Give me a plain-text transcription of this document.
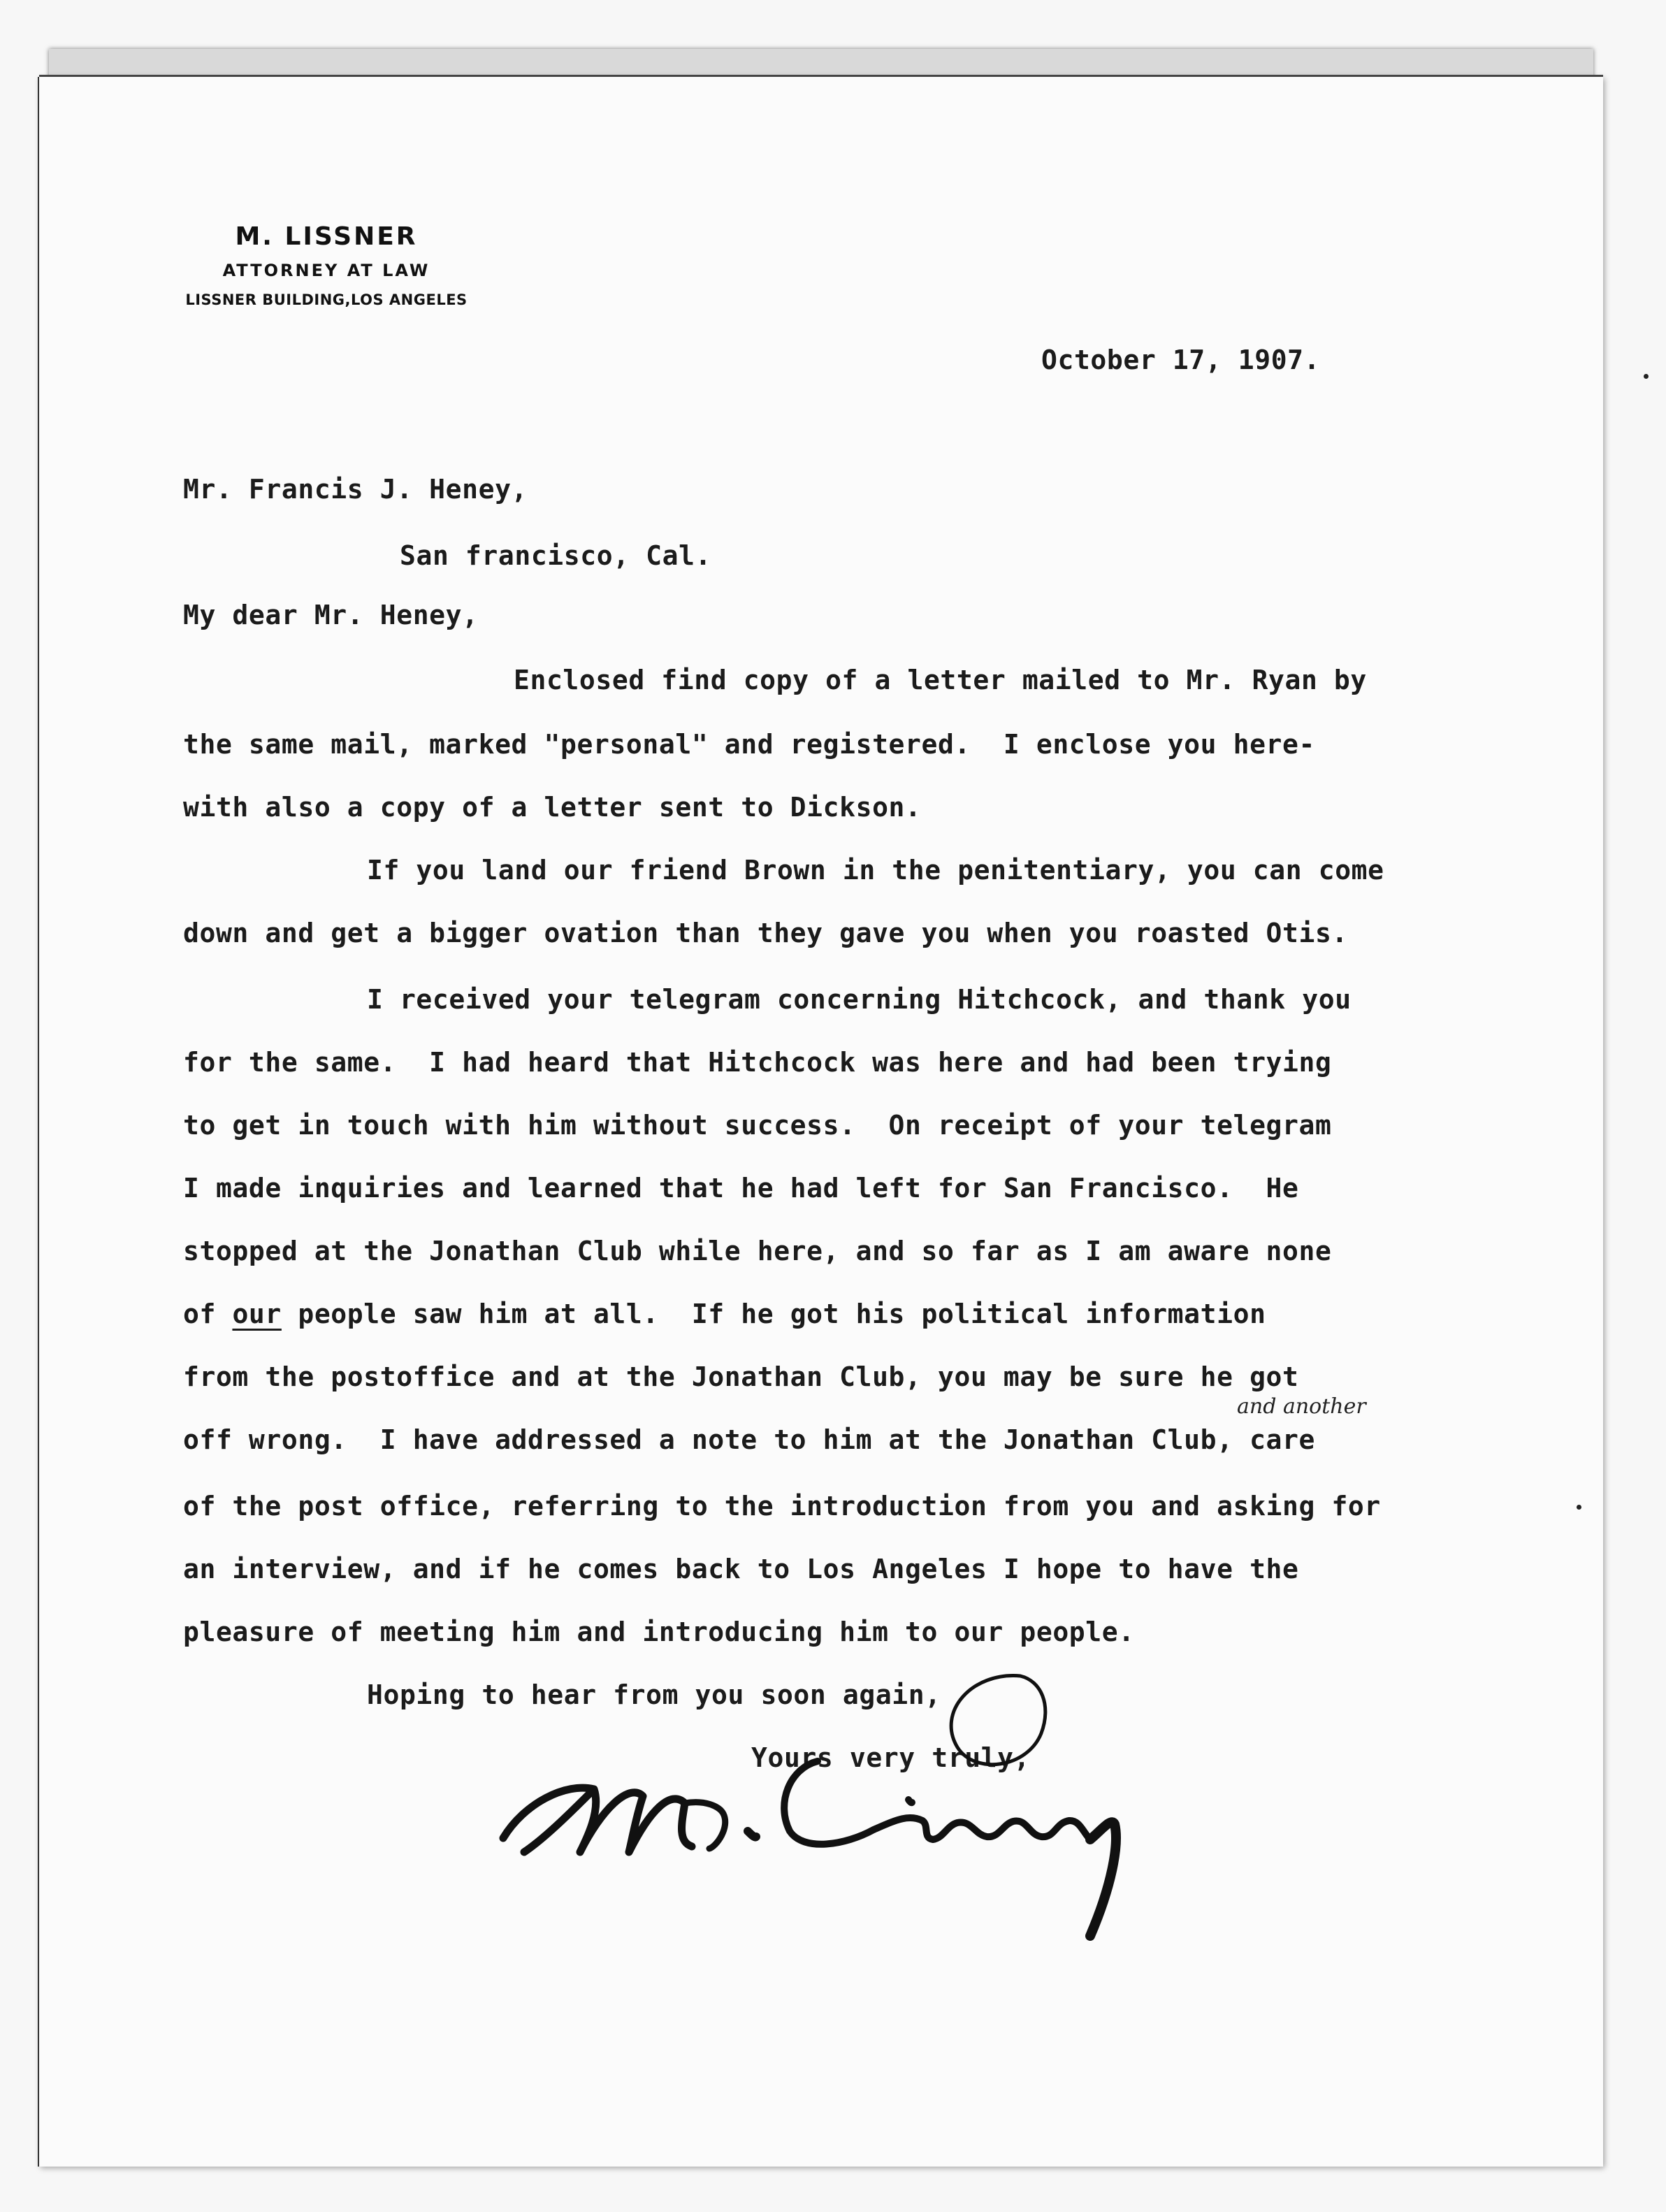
M. LISSNER
ATTORNEY AT LAW
LISSNER BUILDING,LOS ANGELES

October 17, 1907.

Mr. Francis J. Heney,

San francisco, Cal.

My dear Mr. Heney,

Enclosed find copy of a letter mailed to Mr. Ryan by

the same mail, marked "personal" and registered.  I enclose you here-

with also a copy of a letter sent to Dickson.

If you land our friend Brown in the penitentiary, you can come

down and get a bigger ovation than they gave you when you roasted Otis.

I received your telegram concerning Hitchcock, and thank you

for the same.  I had heard that Hitchcock was here and had been trying

to get in touch with him without success.  On receipt of your telegram

I made inquiries and learned that he had left for San Francisco.  He

stopped at the Jonathan Club while here, and so far as I am aware none

of our people saw him at all.  If he got his political information

from the postoffice and at the Jonathan Club, you may be sure he got

off wrong.  I have addressed a note to him at the Jonathan Club, care

of the post office, referring to the introduction from you and asking for

an interview, and if he comes back to Los Angeles I hope to have the

pleasure of meeting him and introducing him to our people.

and another

Hoping to hear from you soon again,

Yours very truly,
